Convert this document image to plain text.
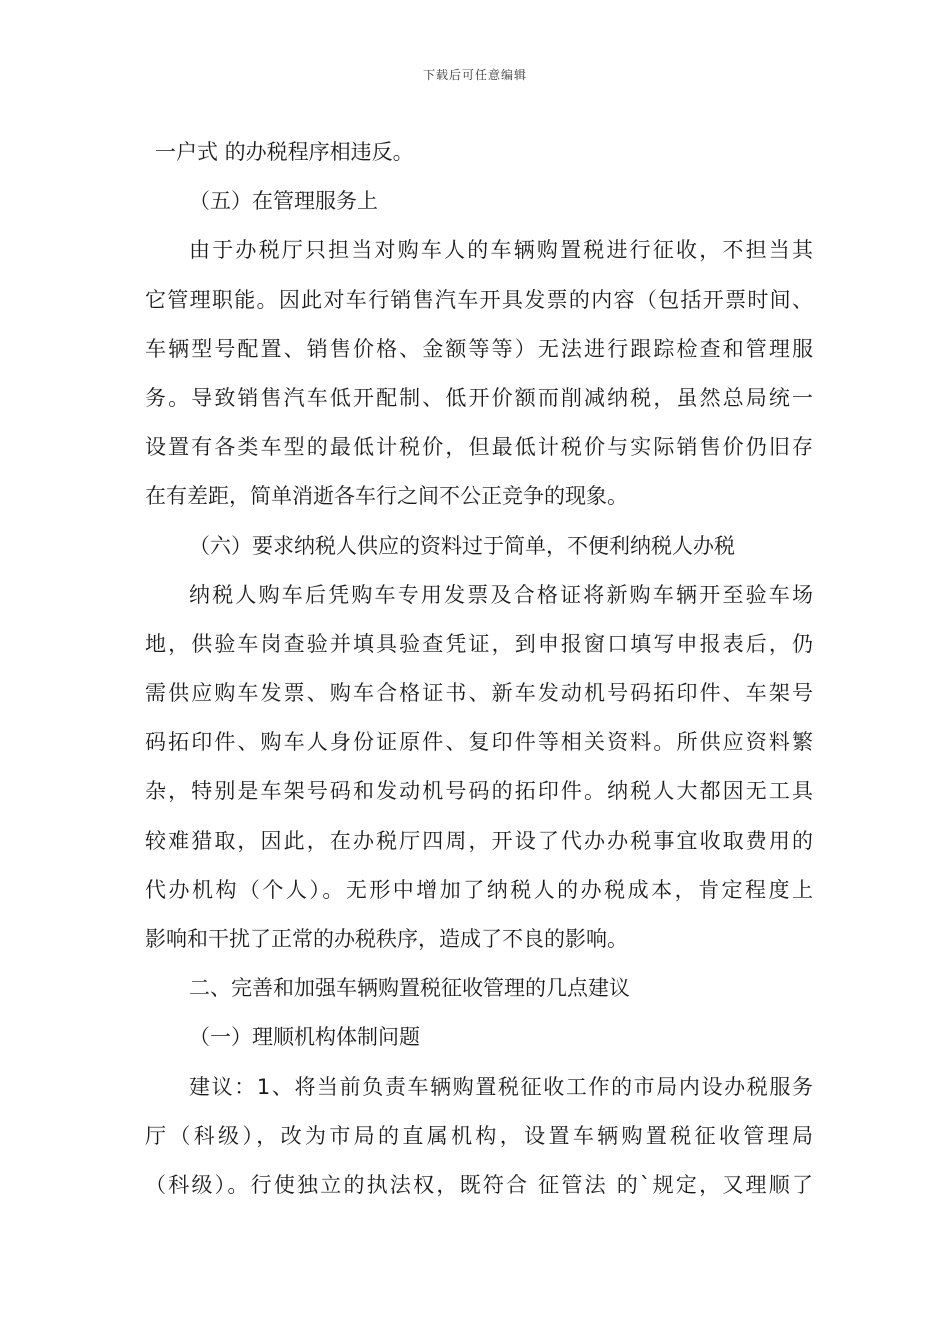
下载后可任意编辑
一户式 的办税程序相违反。
（五）在管理服务上
由于办税厅只担当对购车人的车辆购置税进行征收，不担当其
它管理职能。因此对车行销售汽车开具发票的内容（包括开票时间、
车辆型号配置、销售价格、金额等等）无法进行跟踪检查和管理服
务。导致销售汽车低开配制、低开价额而削减纳税，虽然总局统一
设置有各类车型的最低计税价，但最低计税价与实际销售价仍旧存
在有差距，简单消逝各车行之间不公正竞争的现象。
（六）要求纳税人供应的资料过于简单，不便利纳税人办税
纳税人购车后凭购车专用发票及合格证将新购车辆开至验车场
地，供验车岗查验并填具验查凭证，到申报窗口填写申报表后，仍
需供应购车发票、购车合格证书、新车发动机号码拓印件、车架号
码拓印件、购车人身份证原件、复印件等相关资料。所供应资料繁
杂，特别是车架号码和发动机号码的拓印件。纳税人大都因无工具
较难猎取，因此，在办税厅四周，开设了代办办税事宜收取费用的
代办机构（个人）。无形中增加了纳税人的办税成本，肯定程度上
影响和干扰了正常的办税秩序，造成了不良的影响。
二、完善和加强车辆购置税征收管理的几点建议
（一）理顺机构体制问题
建议：1、将当前负责车辆购置税征收工作的市局内设办税服务
厅（科级），改为市局的直属机构，设置车辆购置税征收管理局
（科级）。行使独立的执法权，既符合 征管法 的`规定，又理顺了
